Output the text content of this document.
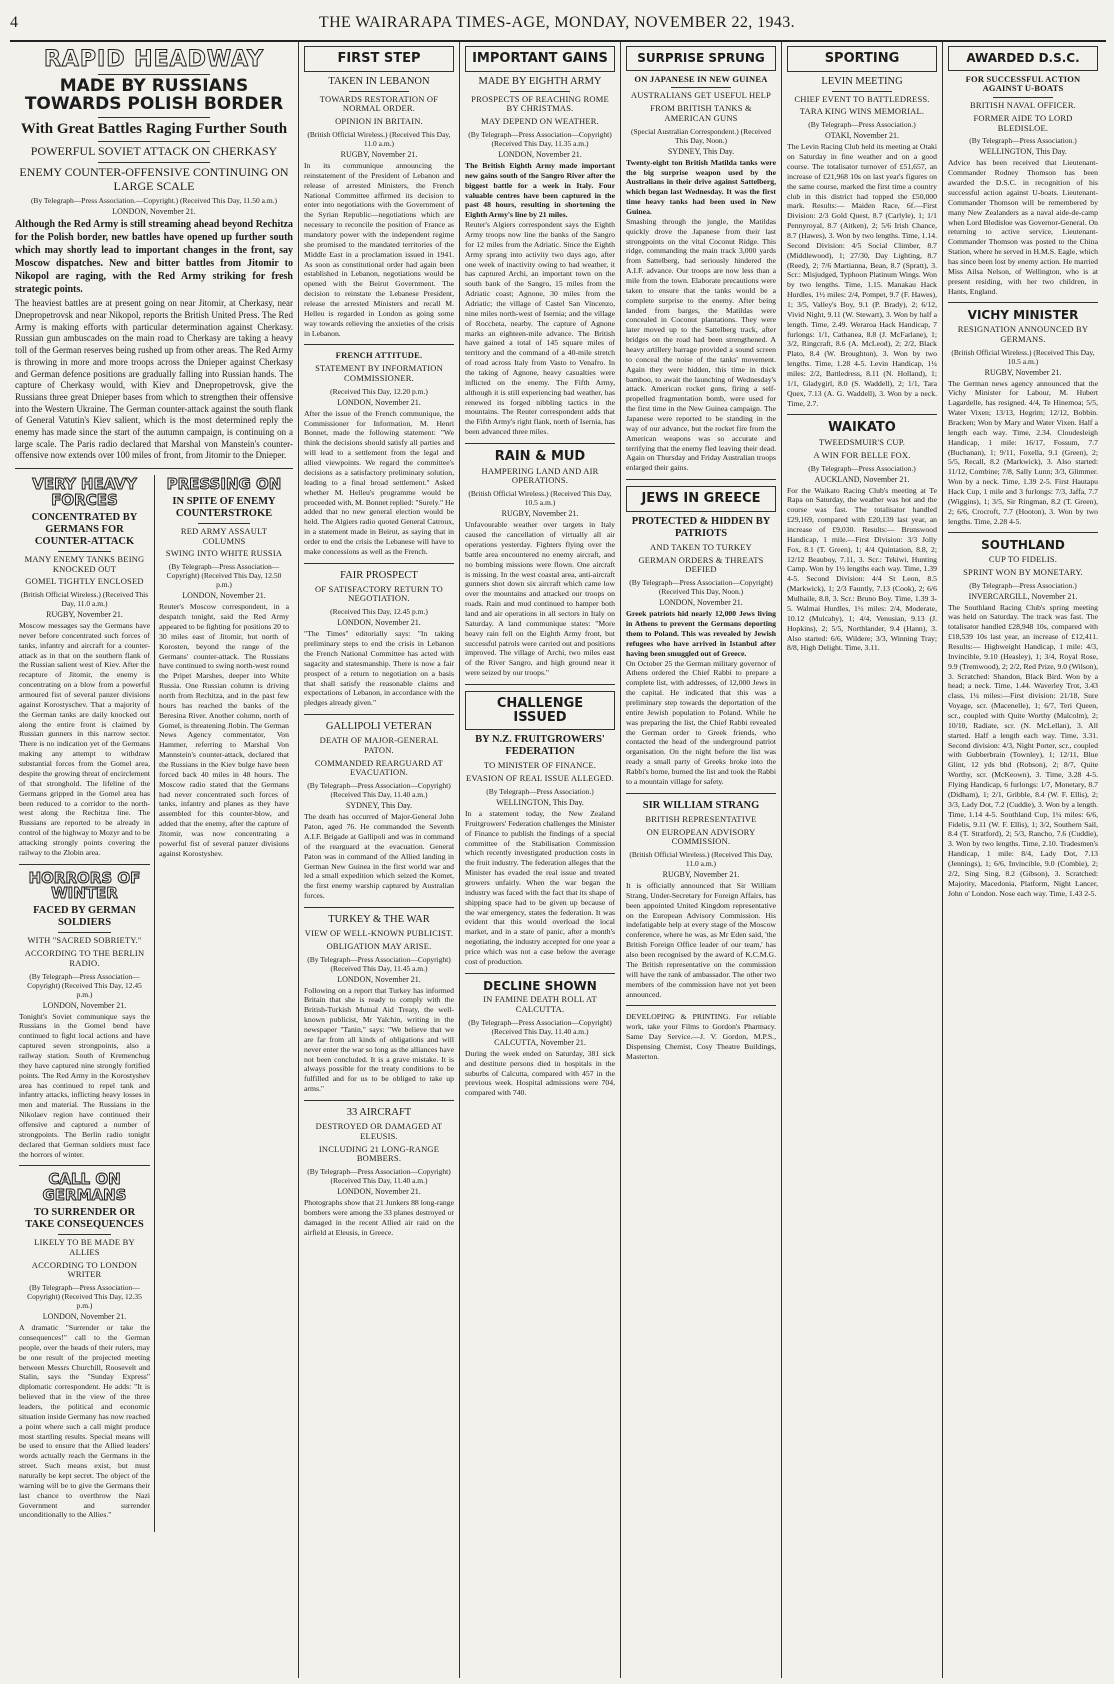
4	THE WAIRARAPA TIMES-AGE, MONDAY, NOVEMBER 22, 1943.
RAPID HEADWAY
MADE BY RUSSIANS TOWARDS POLISH BORDER
With Great Battles Raging Further South
POWERFUL SOVIET ATTACK ON CHERKASY
ENEMY COUNTER-OFFENSIVE CONTINUING ON LARGE SCALE
(By Telegraph—Press Association.—Copyright.) (Received This Day, 11.50 a.m.)
LONDON, November 21.

Although the Red Army is still streaming ahead beyond Rechitza for the Polish border, new battles have opened up further south which may shortly lead to important changes in the front, say Moscow dispatches. New and bitter battles from Jitomir to Nikopol are raging, with the Red Army striking for fresh strategic points.

The heaviest battles are at present going on near Jitomir, at Cherkasy, near Dnepropetrovsk and near Nikopol, reports the British United Press. The Red Army is making efforts with particular determination against Cherkasy. Russian gun ambuscades on the main road to Cherkasy are taking a heavy toll of the German reserves being rushed up from other areas. The Red Army is throwing in more and more troops across the Dnieper against Cherkasy and German defence positions are gradually falling into Russian hands. The capture of Cherkasy would, with Kiev and Dnepropetrovsk, give the Russians three great Dnieper bases from which to strengthen their offensive into the Western Ukraine. The German counter-attack against the south flank of General Vatutin's Kiev salient, which is the most determined reply the enemy has made since the start of the autumn campaign, is continuing on a large scale. The Paris radio declared that Marshal von Manstein's counter-offensive now extends over 100 miles of front, from Jitomir to the Dnieper.

VERY HEAVY FORCES
CONCENTRATED BY GERMANS FOR COUNTER-ATTACK
MANY ENEMY TANKS BEING KNOCKED OUT
GOMEL TIGHTLY ENCLOSED
(British Official Wireless.) (Received This Day, 11.0 a.m.)
RUGBY, November 21.

Moscow messages say the Germans have never before concentrated such forces of tanks, infantry and aircraft for a counter-attack as in that on the southern flank of the Russian salient west of Kiev. After the recapture of Jitomir, the enemy is concentrating on a blow from a powerful armoured fist of several panzer divisions against Korostyschev. That a majority of the German tanks are daily knocked out along the entire front is claimed by Russian gunners in this narrow sector. There is no indication yet of the Germans making any attempt to withdraw substantial forces from the Gomel area, despite the growing threat of encirclement of that stronghold. The lifeline of the Germans gripped in the Gomel area has been reduced to a corridor to the north-west along the Rechitza line. The Russians are reported to be already in control of the highway to Mozyr and to be attacking strongly points covering the railway to the Zlobin area.

HORRORS OF WINTER
FACED BY GERMAN SOLDIERS
WITH "SACRED SOBRIETY."
ACCORDING TO THE BERLIN RADIO.
(By Telegraph—Press Association—Copyright) (Received This Day, 12.45 p.m.)
LONDON, November 21.

Tonight's Soviet communique says the Russians in the Gomel bend have continued to fight local actions and have captured seven strongpoints, also a railway station. South of Kremenchug they have captured nine strongly fortified points. The Red Army in the Korostyshev area has continued to repel tank and infantry attacks, inflicting heavy losses in men and material. The Russians in the Nikolaev region have continued their offensive and captured a number of strongpoints. The Berlin radio tonight declared that German soldiers must face the horrors of winter.

CALL ON GERMANS
TO SURRENDER OR TAKE CONSEQUENCES
LIKELY TO BE MADE BY ALLIES
ACCORDING TO LONDON WRITER
(By Telegraph—Press Association—Copyright) (Received This Day, 12.35 p.m.)
LONDON, November 21.

A dramatic "Surrender or take the consequences!" call to the German people, over the heads of their rulers, may be one result of the projected meeting between Messrs Churchill, Roosevelt and Stalin, says the "Sunday Express" diplomatic correspondent. He adds: "It is believed that in the view of the three leaders, the political and economic situation inside Germany has now reached a point where such a call might produce most startling results. Special means will be used to ensure that the Allied leaders' words actually reach the Germans in the street. Such means exist, but must naturally be kept secret. The object of the warning will be to give the Germans their last chance to overthrow the Nazi Government and surrender unconditionally to the Allies."

PRESSING ON
IN SPITE OF ENEMY COUNTERSTROKE
RED ARMY ASSAULT COLUMNS
SWING INTO WHITE RUSSIA
(By Telegraph—Press Association—Copyright) (Received This Day, 12.50 p.m.)
LONDON, November 21.

Reuter's Moscow correspondent, in a despatch tonight, said the Red Army appeared to be fighting for positions 20 to 30 miles east of Jitomir, but north of Korosten, beyond the range of the Germans' counter-attack. The Russians have continued to swing north-west round the Pripet Marshes, deeper into White Russia. One Russian column is driving north from Rechitza, and in the past few hours has reached the banks of the Beresina River. Another column, north of Gomel, is threatening Jlobin. The German News Agency commentator, Von Hammer, referring to Marshal Von Mannstein's counter-attack, declared that the Russians in the Kiev bulge have been forced back 40 miles in 48 hours. The Moscow radio stated that the Germans had never concentrated such forces of tanks, infantry and planes as they have assembled for this counter-blow, and added that the enemy, after the capture of Jitomir, was now concentrating a powerful fist of several panzer divisions against Korostyshev.

FIRST STEP
TAKEN IN LEBANON
TOWARDS RESTORATION OF NORMAL ORDER.
OPINION IN BRITAIN.
(British Official Wireless.) (Received This Day, 11.0 a.m.)
RUGBY, November 21.

In its communique announcing the reinstatement of the President of Lebanon and release of arrested Ministers, the French National Committee affirmed its decision to enter into negotiations with the Government of the Syrian Republic—negotiations which are necessary to reconcile the position of France as mandatory power with the independent regime she promised to the mandated territories of the Middle East in a proclamation issued in 1941. As soon as constitutional order had again been established in Lebanon, negotiations would be opened with the Beirut Government. The decision to reinstate the Lebanese President, release the arrested Ministers and recall M. Helleu is regarded in London as going some way towards relieving the anxieties of the crisis in Lebanon.

FRENCH ATTITUDE.
STATEMENT BY INFORMATION COMMISSIONER.
(Received This Day, 12.20 p.m.)
LONDON, November 21.

After the issue of the French communique, the Commissioner for Information, M. Henri Bonnet, made the following statement: "We think the decisions should satisfy all parties and will lead to a settlement from the legal and allied viewpoints. We regard the committee's decisions as a satisfactory preliminary solution, leading to a final broad settlement." Asked whether M. Helleu's programme would be proceeded with, M. Bonnet replied: "Surely." He added that no new general election would be held. The Algiers radio quoted General Catroux, in a statement made in Beirut, as saying that in order to end the crisis the Lebanese will have to make concessions as well as the French.

FAIR PROSPECT
OF SATISFACTORY RETURN TO NEGOTIATION.
(Received This Day, 12.45 p.m.)
LONDON, November 21.

"The Times" editorially says: "In taking preliminary steps to end the crisis in Lebanon the French National Committee has acted with sagacity and statesmanship. There is now a fair prospect of a return to negotiation on a basis that shall satisfy the reasonable claims and expectations of Lebanon, in accordance with the pledges already given."

GALLIPOLI VETERAN
DEATH OF MAJOR-GENERAL PATON.
COMMANDED REARGUARD AT EVACUATION.
(By Telegraph—Press Association—Copyright) (Received This Day, 11.40 a.m.)
SYDNEY, This Day.

The death has occurred of Major-General John Paton, aged 76. He commanded the Seventh A.I.F. Brigade at Gallipoli and was in command of the rearguard at the evacuation. General Paton was in command of the Allied landing in German New Guinea in the first world war and led a small expedition which seized the Komet, the first enemy warship captured by Australian forces.

TURKEY & THE WAR
VIEW OF WELL-KNOWN PUBLICIST.
OBLIGATION MAY ARISE.
(By Telegraph—Press Association—Copyright) (Received This Day, 11.45 a.m.)
LONDON, November 21.

Following on a report that Turkey has informed Britain that she is ready to comply with the British-Turkish Mutual Aid Treaty, the well-known publicist, Mr Yalchin, writing in the newspaper "Tanin," says: "We believe that we are far from all kinds of obligations and will never enter the war so long as the alliances have not been concluded. It is a grave mistake. It is always possible for the treaty conditions to be fulfilled and for us to be obliged to take up arms."

33 AIRCRAFT
DESTROYED OR DAMAGED AT ELEUSIS.
INCLUDING 21 LONG-RANGE BOMBERS.
(By Telegraph—Press Association—Copyright) (Received This Day, 11.40 a.m.)
LONDON, November 21.

Photographs show that 21 Junkers 88 long-range bombers were among the 33 planes destroyed or damaged in the recent Allied air raid on the airfield at Eleusis, in Greece.

IMPORTANT GAINS
MADE BY EIGHTH ARMY
PROSPECTS OF REACHING ROME BY CHRISTMAS.
MAY DEPEND ON WEATHER.
(By Telegraph—Press Association—Copyright) (Received This Day, 11.35 a.m.)
LONDON, November 21.

The British Eighth Army made important new gains south of the Sangro River after the biggest battle for a week in Italy. Four valuable centres have been captured in the past 48 hours, resulting in shortening the Eighth Army's line by 21 miles.

Reuter's Algiers correspondent says the Eighth Army troops now line the banks of the Sangro for 12 miles from the Adriatic. Since the Eighth Army sprang into activity two days ago, after one week of inactivity owing to bad weather, it has captured Archi, an important town on the south bank of the Sangro, 15 miles from the Adriatic coast; Agnone, 30 miles from the Adriatic; the village of Castel San Vincenzo, nine miles north-west of Isernia; and the village of Roccheta, nearby. The capture of Agnone marks an eighteen-mile advance. The British have gained a total of 145 square miles of territory and the command of a 40-mile stretch of road across Italy from Vasto to Venafro. In the taking of Agnone, heavy casualties were inflicted on the enemy. The Fifth Army, although it is still experiencing bad weather, has renewed its forged nibbling tactics in the mountains. The Reuter correspondent adds that the Fifth Army's right flank, north of Isernia, has been advanced three miles.

RAIN & MUD
HAMPERING LAND AND AIR OPERATIONS.
(British Official Wireless.) (Received This Day, 10.5 a.m.)
RUGBY, November 21.

Unfavourable weather over targets in Italy caused the cancellation of virtually all air operations yesterday. Fighters flying over the battle area encountered no enemy aircraft, and no bombing missions were flown. One aircraft is missing. In the west coastal area, anti-aircraft gunners shot down six aircraft which came low over the mountains and attacked our troops on roads. Rain and mud continued to hamper both land and air operations in all sectors in Italy on Saturday. A land communique states: "More heavy rain fell on the Eighth Army front, but successful patrols were carried out and positions improved. The village of Archi, two miles east of the River Sangro, and high ground near it were seized by our troops."

CHALLENGE ISSUED
BY N.Z. FRUITGROWERS' FEDERATION
TO MINISTER OF FINANCE.
EVASION OF REAL ISSUE ALLEGED.
(By Telegraph—Press Association.)
WELLINGTON, This Day.

In a statement today, the New Zealand Fruitgrowers' Federation challenges the Minister of Finance to publish the findings of a special committee of the Stabilisation Commission which recently investigated production costs in the fruit industry. The federation alleges that the Minister has evaded the real issue and treated growers unfairly. When the war began the industry was faced with the fact that its shape of shipping space had to be given up because of the war emergency, states the federation. It was evident that this would overload the local market, and in a state of panic, after a month's negotiating, the industry accepted for one year a price which was not a case below the average cost of production.

DECLINE SHOWN
IN FAMINE DEATH ROLL AT CALCUTTA.
(By Telegraph—Press Association—Copyright) (Received This Day, 11.40 a.m.)
CALCUTTA, November 21.

During the week ended on Saturday, 381 sick and destitute persons died in hospitals in the suburbs of Calcutta, compared with 457 in the previous week. Hospital admissions were 704, compared with 740.

SURPRISE SPRUNG
ON JAPANESE IN NEW GUINEA
AUSTRALIANS GET USEFUL HELP
FROM BRITISH TANKS & AMERICAN GUNS
(Special Australian Correspondent.) (Received This Day, Noon.)
SYDNEY, This Day.

Twenty-eight ton British Matilda tanks were the big surprise weapon used by the Australians in their drive against Sattelberg, which began last Wednesday. It was the first time heavy tanks had been used in New Guinea.

Smashing through the jungle, the Matildas quickly drove the Japanese from their last strongpoints on the vital Coconut Ridge. This ridge, commanding the main track 3,000 yards from Sattelberg, had seriously hindered the A.I.F. advance. Our troops are now less than a mile from the town. Elaborate precautions were taken to ensure that the tanks would be a complete surprise to the enemy. After being landed from barges, the Matildas were concealed in Coconut plantations. They were later moved up to the Sattelberg track, after bridges on the road had been strengthened. A heavy artillery barrage provided a sound screen to conceal the noise of the tanks' movement. Again they were hidden, this time in thick bamboo, to await the launching of Wednesday's attack. American rocket guns, firing a self-propelled fragmentation bomb, were used for the first time in the New Guinea campaign. The Japanese were reported to be standing in the way of our advance, but the rocket fire from the American weapons was so accurate and terrifying that the enemy fled leaving their dead. Again on Thursday and Friday Australian troops enlarged their gains.

JEWS IN GREECE
PROTECTED & HIDDEN BY PATRIOTS
AND TAKEN TO TURKEY
GERMAN ORDERS & THREATS DEFIED
(By Telegraph—Press Association—Copyright) (Received This Day, Noon.)
LONDON, November 21.

Greek patriots hid nearly 12,000 Jews living in Athens to prevent the Germans deporting them to Poland. This was revealed by Jewish refugees who have arrived in Istanbul after having been smuggled out of Greece.

On October 25 the German military governor of Athens ordered the Chief Rabbi to prepare a complete list, with addresses, of 12,000 Jews in the capital. He indicated that this was a preliminary step towards the deportation of the entire Jewish population to Poland. While he was preparing the list, the Chief Rabbi revealed the German order to Greek friends, who contacted the head of the underground patriot organisation. On the night before the list was ready a small party of Greeks broke into the Rabbi's home, burned the list and took the Rabbi to a mountain village for safety.

SIR WILLIAM STRANG
BRITISH REPRESENTATIVE
ON EUROPEAN ADVISORY COMMISSION.
(British Official Wireless.) (Received This Day, 11.0 a.m.)
RUGBY, November 21.

It is officially announced that Sir William Strang, Under-Secretary for Foreign Affairs, has been appointed United Kingdom representative on the European Advisory Commission. His indefatigable help at every stage of the Moscow conference, where he was, as Mr Eden said, 'the British Foreign Office leader of our team,' has also been recognised by the award of K.C.M.G. The British representative on the commission will have the rank of ambassador. The other two members of the commission have not yet been announced.

DEVELOPING & PRINTING. For reliable work, take your Films to Gordon's Pharmacy. Same Day Service.—J. V. Gordon, M.P.S., Dispensing Chemist, Cosy Theatre Buildings, Masterton.

SPORTING
LEVIN MEETING
CHIEF EVENT TO BATTLEDRESS.
TARA KING WINS MEMORIAL.
(By Telegraph—Press Association.)
OTAKI, November 21.

The Levin Racing Club held its meeting at Otaki on Saturday in fine weather and on a good course. The totalisator turnover of £51,657, an increase of £21,968 10s on last year's figures on the same course, marked the first time a country club in this district had topped the £50,000 mark. Results:— Maiden Race, 6f.—First Division: 2/3 Gold Quest, 8.7 (Carlyle), 1; 1/1 Pennyroyal, 8.7 (Aitken), 2; 5/6 Irish Chance, 8.7 (Hawes), 3. Won by two lengths. Time, 1.14. Second Division: 4/5 Social Climber, 8.7 (Middlewood), 1; 27/30, Day Lighting, 8.7 (Reed), 2; 7/6 Martianna, Bean, 8.7 (Spratt), 3. Scr.: Misjudged, Typhoon Platinum Wings. Won by two lengths. Time, 1.15. Manakau Hack Hurdles, 1½ miles: 2/4, Pompet, 9.7 (F. Hawes), 1; 3/5, Valley's Boy, 9.1 (P. Brady), 2; 6/12, Vivid Night, 9.11 (W. Stewart), 3. Won by half a length. Time, 2.49. Weraroa Hack Handicap, 7 furlongs: 1/1, Cathanea, 8.8 (J. McFarlane), 1; 3/2, Ringcraft, 8.6 (A. McLeod), 2; 2/2, Black Plato, 8.4 (W. Broughton), 3. Won by two lengths. Time, 1.28 4-5. Levin Handicap, 1¼ miles: 2/2, Battledress, 8.11 (N. Holland), 1; 1/1, Gladygirl, 8.0 (S. Waddell), 2; 1/1, Tara Quex, 7.13 (A. G. Waddell), 3. Won by a neck. Time, 2.7.

WAIKATO
TWEEDSMUIR'S CUP.
A WIN FOR BELLE FOX.
(By Telegraph—Press Association.)
AUCKLAND, November 21.

For the Waikato Racing Club's meeting at Te Rapa on Saturday, the weather was hot and the course was fast. The totalisator handled £29,169, compared with £20,139 last year, an increase of £9,030. Results:— Brunswood Handicap, 1 mile.—First Division: 3/3 Jolly Fox, 8.1 (T. Green), 1; 4/4 Quintation, 8.8, 2; 12/12 Beauboy, 7.11, 3. Scr.: Tekiwi, Hunting Camp. Won by 1½ lengths each way. Time, 1.39 4-5. Second Division: 4/4 St Leon, 8.5 (Markwick), 1; 2/3 Fauntly, 7.13 (Cook), 2; 6/6 Mulhaile, 8.8, 3. Scr.: Bruno Boy. Time, 1.39 3-5. Walmai Hurdles, 1½ miles: 2/4, Moderate, 10.12 (Mulcahy), 1; 4/4, Venusian, 9.13 (J. Hopkins), 2; 5/5, Northlander, 9.4 (Hann), 3. Also started: 6/6, Wildere; 3/3, Winning Tray; 8/8, High Delight. Time, 3.11.

AWARDED D.S.C.
FOR SUCCESSFUL ACTION AGAINST U-BOATS
BRITISH NAVAL OFFICER.
FORMER AIDE TO LORD BLEDISLOE.
(By Telegraph—Press Association.)
WELLINGTON, This Day.

Advice has been received that Lieutenant-Commander Rodney Thomson has been awarded the D.S.C. in recognition of his successful action against U-boats. Lieutenant-Commander Thomson will be remembered by many New Zealanders as a naval aide-de-camp when Lord Bledisloe was Governor-General. On returning to active service, Lieutenant-Commander Thomson was posted to the China Station, where he served in H.M.S. Eagle, which has since been lost by enemy action. He married Miss Ailsa Nelson, of Wellington, who is at present residing, with her two children, in Hants, England.

VICHY MINISTER
RESIGNATION ANNOUNCED BY GERMANS.
(British Official Wireless.) (Received This Day, 10.5 a.m.)
RUGBY, November 21.

The German news agency announced that the Vichy Minister for Labour, M. Hubert Lagardelle, has resigned. 4/4, Te Hinemoa; 5/5, Water Vixen; 13/13, Hegrim; 12/12, Bobbin. Bracken; Won by Mary and Water Vixen. Half a length each way. Time, 2.34. Cloudesleigh Handicap, 1 mile: 16/17, Fossum, 7.7 (Buchanan), 1; 9/11, Foxella, 9.1 (Green), 2; 5/5, Recall, 8.2 (Markwick), 3. Also started: 11/12, Combine; 7/8, Sally Lunn; 3/3, Glimmer. Won by a neck. Time, 1.39 2-5. First Hautapu Hack Cup, 1 mile and 3 furlongs: 7/3, Jaffa, 7.7 (Wiggins), 1; 3/5, Sir Ringman, 8.2 (T. Green), 2; 6/6, Crocroft, 7.7 (Hooton), 3. Won by two lengths. Time, 2.28 4-5.

SOUTHLAND
CUP TO FIDELIS.
SPRINT WON BY MONETARY.
(By Telegraph—Press Association.)
INVERCARGILL, November 21.

The Southland Racing Club's spring meeting was held on Saturday. The track was fast. The totalisator handled £28,948 10s, compared with £18,539 10s last year, an increase of £12,411. Results:— Highweight Handicap, 1 mile: 4/3, Invincible, 9.10 (Heasley), 1; 3/4, Royal Rose, 9.9 (Tremwood), 2; 2/2, Red Prize, 9.0 (Wilson), 3. Scratched: Shandon, Black Bird. Won by a head; a neck. Time, 1.44. Waverley Trot, 3.43 class, 1¼ miles:—First division: 21/18, Sure Voyage, scr. (Macenelle), 1; 6/7, Teri Queen, scr., coupled with Quite Worthy (Malcolm), 2; 10/10, Radiate, scr. (N. McLellan), 3. All started. Half a length each way. Time, 3.31. Second division: 4/3, Night Porter, scr., coupled with Gubberbrain (Townley), 1; 12/11, Blue Glint, 12 yds bhd (Robson), 2; 8/7, Quite Worthy, scr. (McKeown), 3. Time, 3.28 4-5. Flying Handicap, 6 furlongs: 1/7, Monetary, 8.7 (Didham), 1; 2/1, Gribble, 8.4 (W. F. Ellis), 2; 3/3, Lady Dot, 7.2 (Cuddie), 3. Won by a length. Time, 1.14 4-5. Southland Cup, 1¼ miles: 6/6, Fidelis, 9.11 (W. F. Ellis), 1; 3/2, Southern Sail, 8.4 (T. Stratford), 2; 5/3, Rancho, 7.6 (Cuddie), 3. Won by two lengths. Time, 2.10. Tradesmen's Handicap, 1 mile: 8/4, Lady Dot, 7.13 (Jennings), 1; 6/6, Invincible, 9.0 (Combie), 2; 2/2, Sing Sing, 8.2 (Gibson), 3. Scratched: Majority, Macedonia, Platform, Night Lancer, John o' London. Nose each way. Time, 1.43 2-5.
